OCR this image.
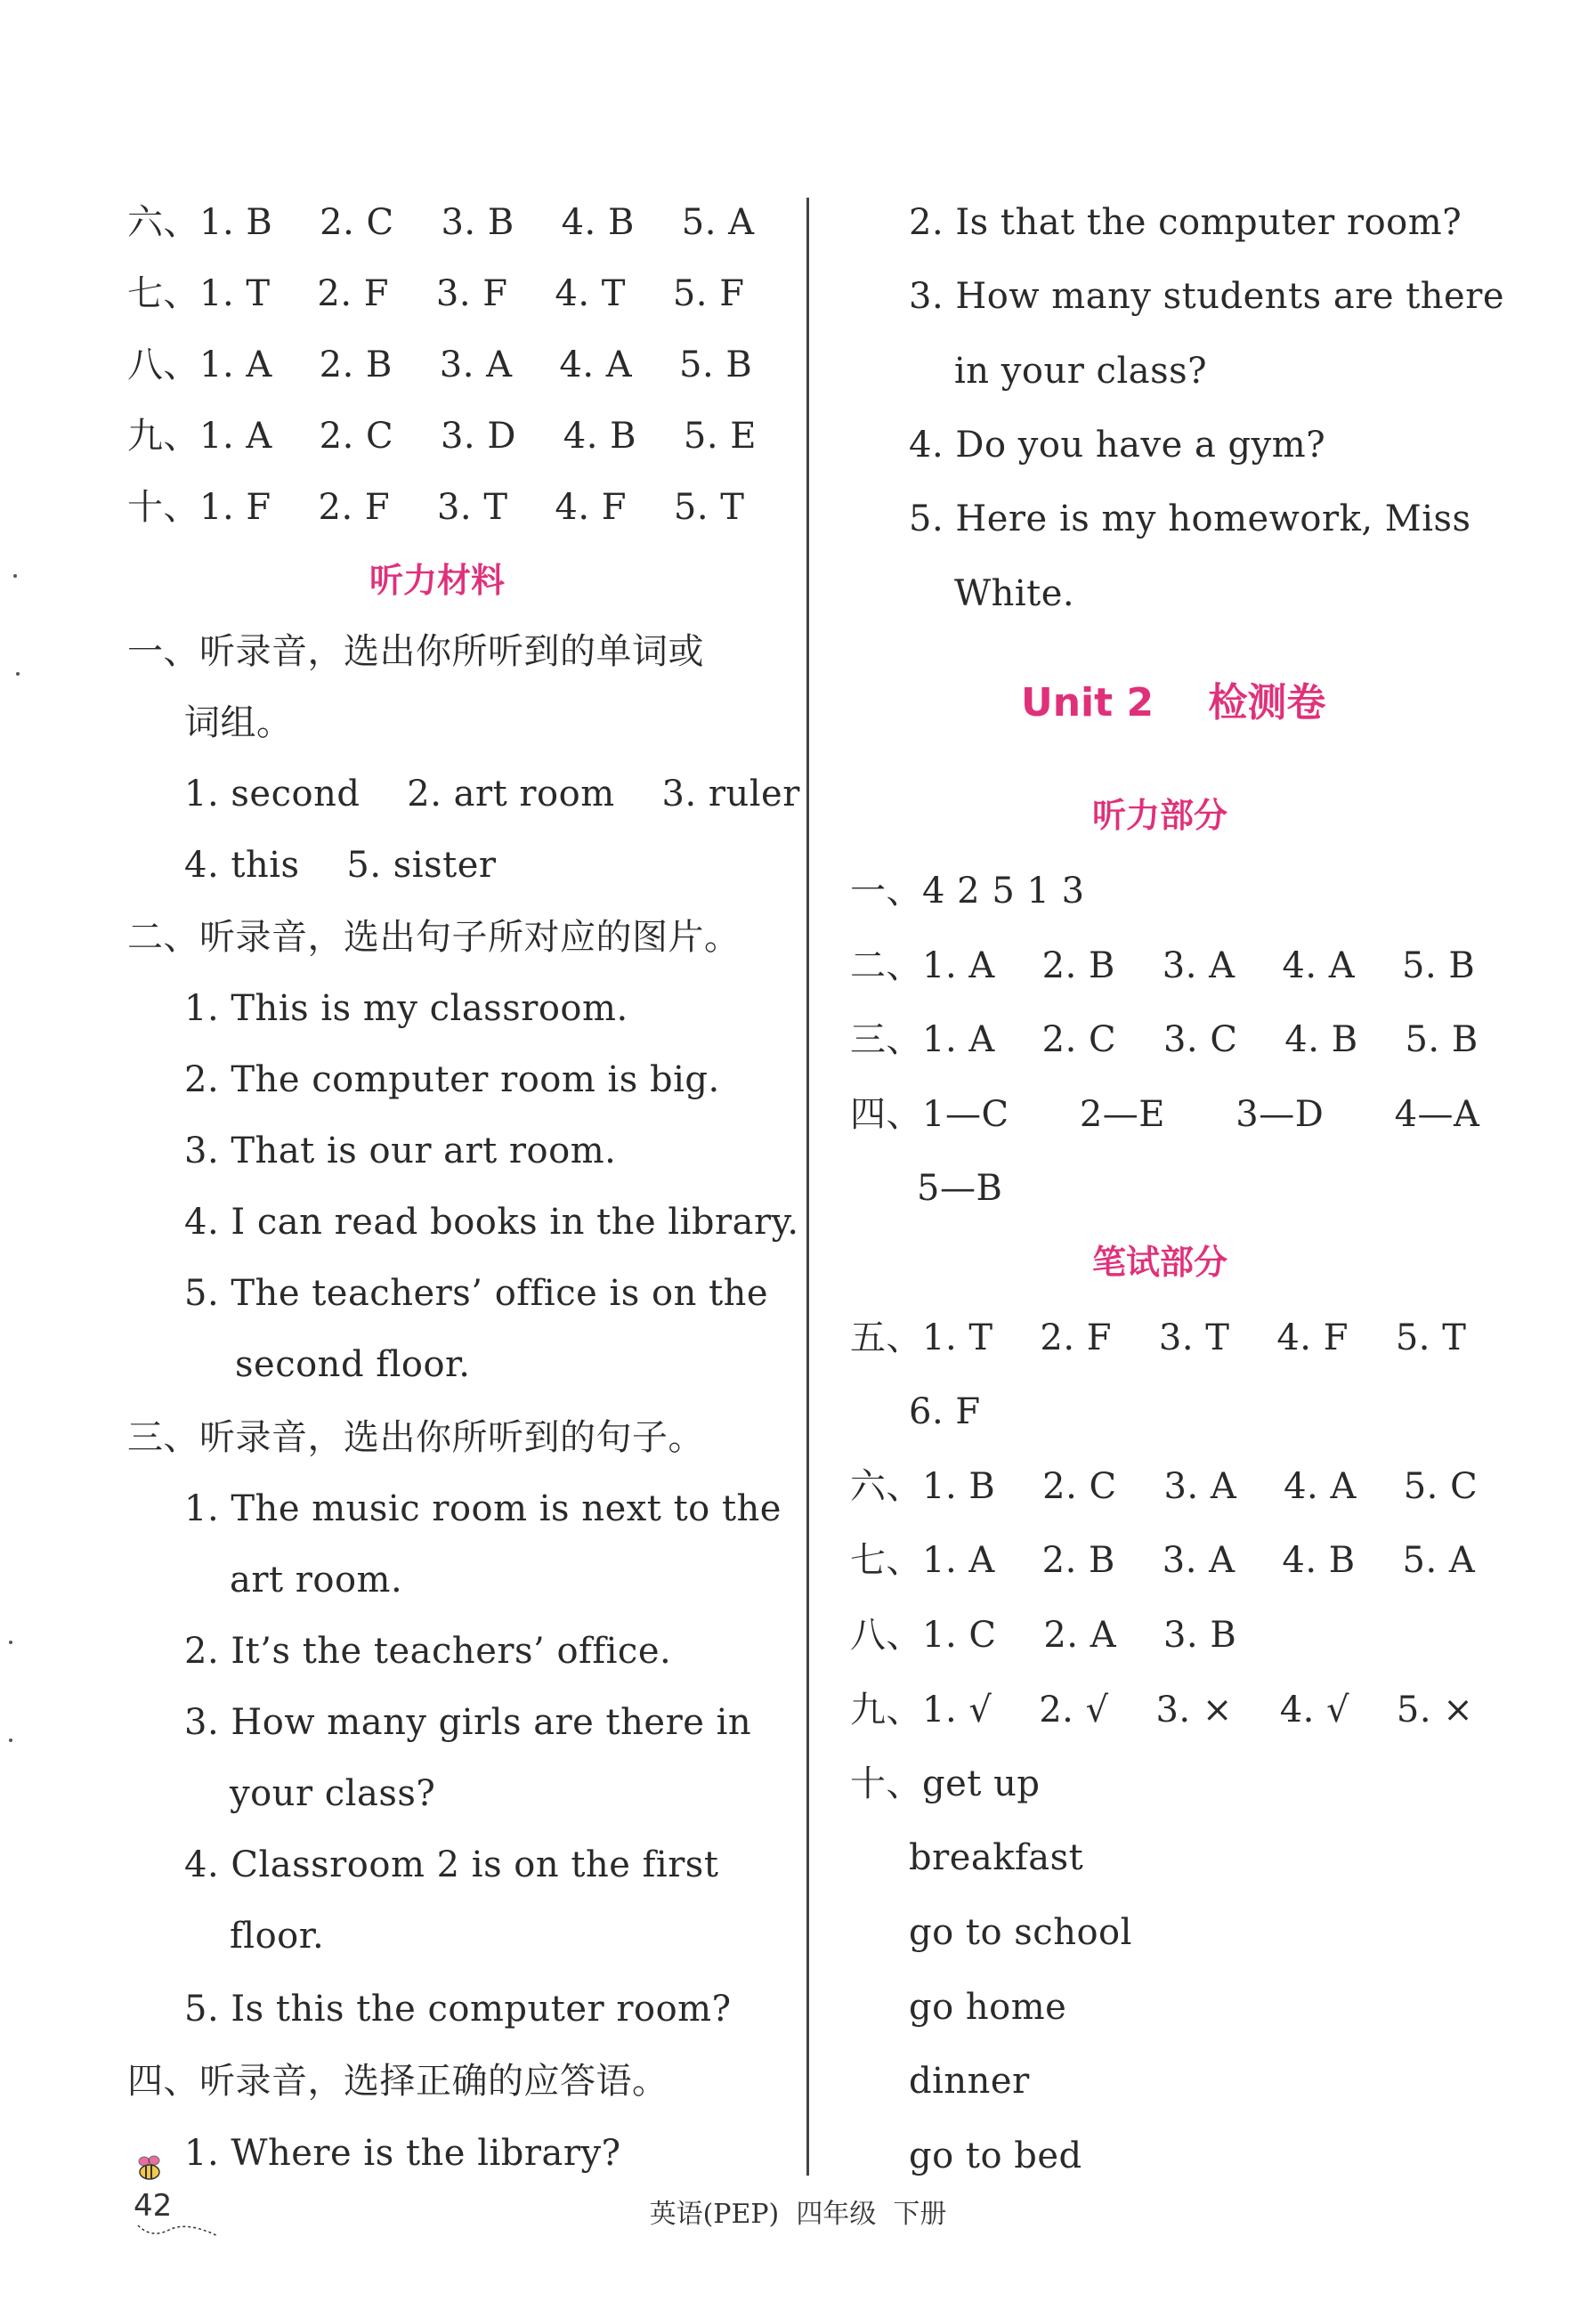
六、1. B    2. C    3. B    4. B    5. A
七、1. T    2. F    3. F    4. T    5. F
八、1. A    2. B    3. A    4. A    5. B
九、1. A    2. C    3. D    4. B    5. E
十、1. F    2. F    3. T    4. F    5. T
听力材料
一、听录音，选出你所听到的单词或
词组。
1. second    2. art room    3. ruler
4. this    5. sister
二、听录音，选出句子所对应的图片。
1. This is my classroom.
2. The computer room is big.
3. That is our art room.
4. I can read books in the library.
5. The teachers’ office is on the
second floor.
三、听录音，选出你所听到的句子。
1. The music room is next to the
art room.
2. It’s the teachers’ office.
3. How many girls are there in
your class?
4. Classroom 2 is on the first
floor.
5. Is this the computer room?
四、听录音，选择正确的应答语。
1. Where is the library?
2. Is that the computer room?
3. How many students are there
in your class?
4. Do you have a gym?
5. Here is my homework, Miss
White.
Unit 2    检测卷
听力部分
一、4 2 5 1 3
二、1. A    2. B    3. A    4. A    5. B
三、1. A    2. C    3. C    4. B    5. B
四、1—C      2—E      3—D      4—A
5—B
笔试部分
五、1. T    2. F    3. T    4. F    5. T
6. F
六、1. B    2. C    3. A    4. A    5. C
七、1. A    2. B    3. A    4. B    5. A
八、1. C    2. A    3. B
九、1. √    2. √    3. ×    4. √    5. ×
十、get up
breakfast
go to school
go home
dinner
go to bed
42	英语(PEP)  四年级  下册
